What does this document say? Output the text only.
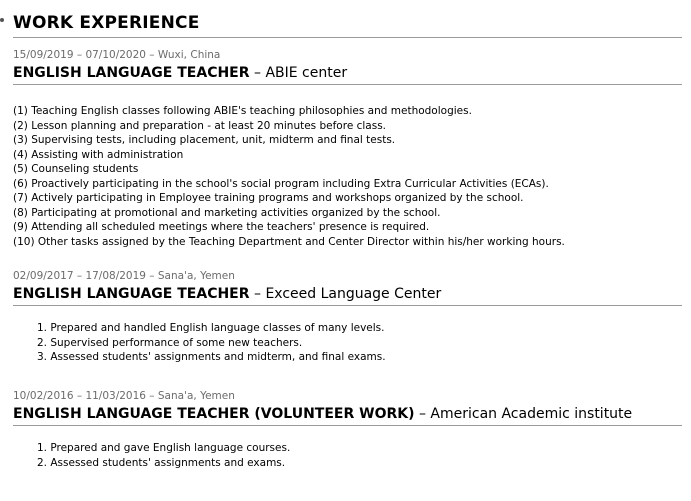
WORK EXPERIENCE
15/09/2019 – 07/10/2020 – Wuxi, China
ENGLISH LANGUAGE TEACHER – ABIE center
(1) Teaching English classes following ABIE's teaching philosophies and methodologies.
(2) Lesson planning and preparation - at least 20 minutes before class.
(3) Supervising tests, including placement, unit, midterm and final tests.
(4) Assisting with administration
(5) Counseling students
(6) Proactively participating in the school's social program including Extra Curricular Activities (ECAs).
(7) Actively participating in Employee training programs and workshops organized by the school.
(8) Participating at promotional and marketing activities organized by the school.
(9) Attending all scheduled meetings where the teachers' presence is required.
(10) Other tasks assigned by the Teaching Department and Center Director within his/her working hours.
02/09/2017 – 17/08/2019 – Sana'a, Yemen
ENGLISH LANGUAGE TEACHER – Exceed Language Center
1. Prepared and handled English language classes of many levels.
2. Supervised performance of some new teachers.
3. Assessed students' assignments and midterm, and final exams.
10/02/2016 – 11/03/2016 – Sana'a, Yemen
ENGLISH LANGUAGE TEACHER (VOLUNTEER WORK) – American Academic institute
1. Prepared and gave English language courses.
2. Assessed students' assignments and exams.
